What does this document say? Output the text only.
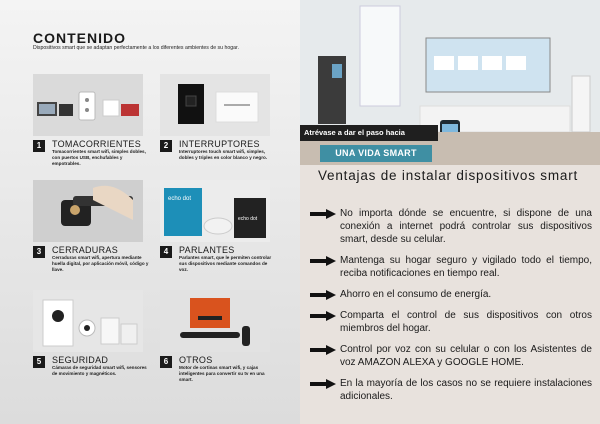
CONTENIDO
Dispositivos smart que se adaptan perfectamente a los diferentes ambientes de su hogar.
1	TOMACORRIENTES
Tomacorrientes smart wifi, simples dobles, con puertos USB, enchufables y empotrables.
2	INTERRUPTORES
Interruptores touch smart wifi, simples, dobles y triples en color blanco y negro.
3	CERRADURAS
Cerraduras smart wifi, apertura mediante huella digital, por aplicación móvil, código y llave.
echo dot
echo dot
4	PARLANTES
Parlantes smart, que le permiten controlar sus dispositivos mediante comandos de voz.
5	SEGURIDAD
Cámaras de seguridad smart wifi, sensores de movimiento y magnéticos.
6	OTROS
Motor de cortinas smart wifi, y cajas inteligentes para convertir su tv en una smart.
Atrévase a dar el paso hacia
UNA VIDA SMART
Ventajas de instalar dispositivos smart
No importa dónde se encuentre, si dispone de una conexión a internet podrá controlar sus dispositivos smart, desde su celular.
Mantenga su hogar seguro y vigilado todo el tiempo, reciba notificaciones en tiempo real.
Ahorro en el consumo de energía.
Comparta el control de sus dispositivos con otros miembros del hogar.
Control por voz con su celular o con los Asistentes de voz AMAZON ALEXA y GOOGLE HOME.
En la mayoría de los casos no se requiere instalaciones adicionales.
